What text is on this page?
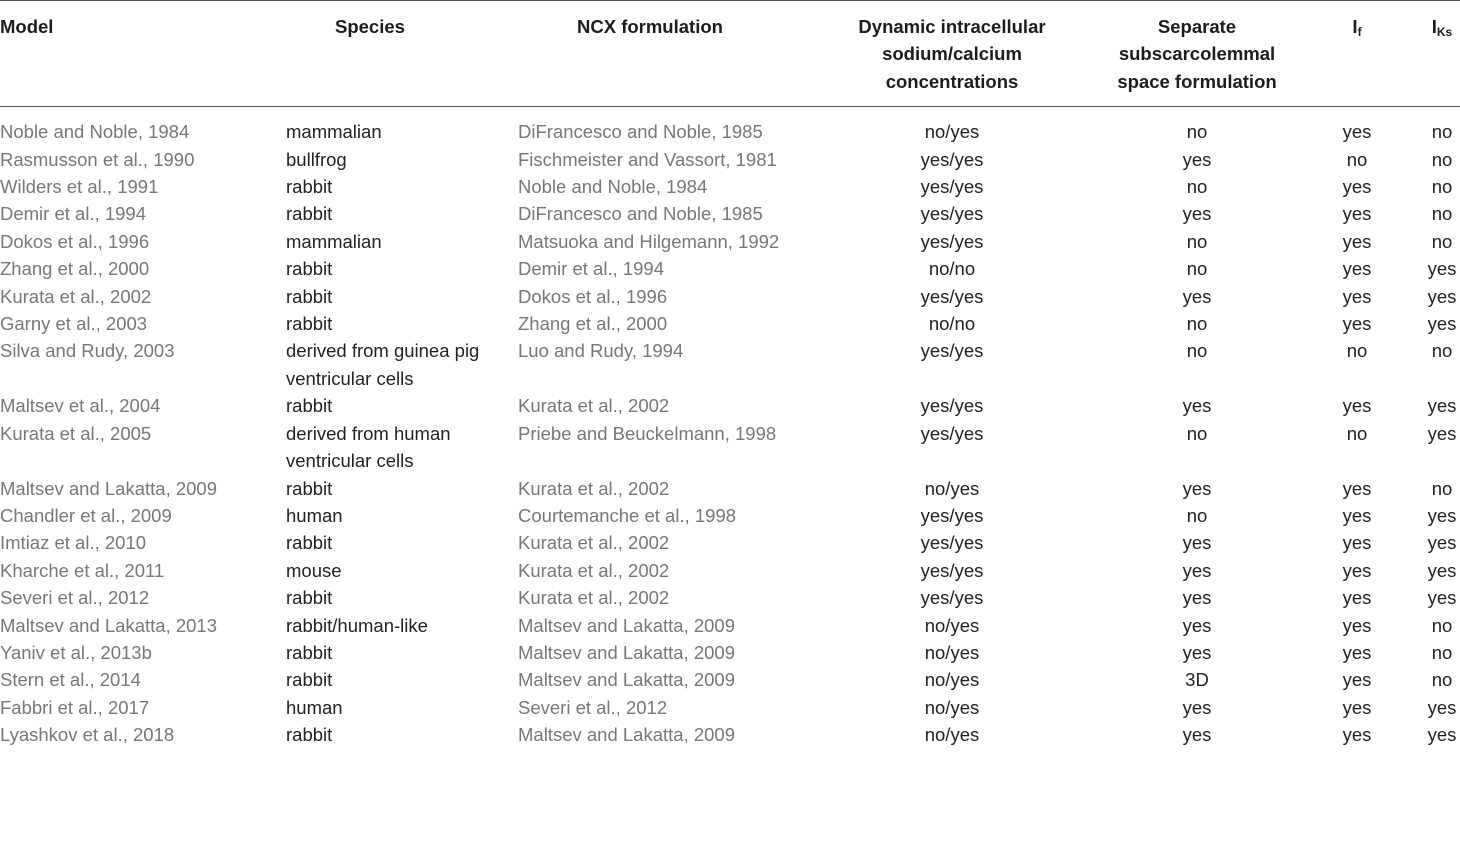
Model	Species	NCX formulation	Dynamic intracellular
sodium/calcium
concentrations	Separate
subscarcolemmal
space formulation	$I_f$	$I_{Ks}$
Noble and Noble, 1984	mammalian	DiFrancesco and Noble, 1985	no/yes	no	yes	no
Rasmusson et al., 1990	bullfrog	Fischmeister and Vassort, 1981	yes/yes	yes	no	no
Wilders et al., 1991	rabbit	Noble and Noble, 1984	yes/yes	no	yes	no
Demir et al., 1994	rabbit	DiFrancesco and Noble, 1985	yes/yes	yes	yes	no
Dokos et al., 1996	mammalian	Matsuoka and Hilgemann, 1992	yes/yes	no	yes	no
Zhang et al., 2000	rabbit	Demir et al., 1994	no/no	no	yes	yes
Kurata et al., 2002	rabbit	Dokos et al., 1996	yes/yes	yes	yes	yes
Garny et al., 2003	rabbit	Zhang et al., 2000	no/no	no	yes	yes
Silva and Rudy, 2003	derived from guinea pig ventricular cells	Luo and Rudy, 1994	yes/yes	no	no	no
Maltsev et al., 2004	rabbit	Kurata et al., 2002	yes/yes	yes	yes	yes
Kurata et al., 2005	derived from human ventricular cells	Priebe and Beuckelmann, 1998	yes/yes	no	no	yes
Maltsev and Lakatta, 2009	rabbit	Kurata et al., 2002	no/yes	yes	yes	no
Chandler et al., 2009	human	Courtemanche et al., 1998	yes/yes	no	yes	yes
Imtiaz et al., 2010	rabbit	Kurata et al., 2002	yes/yes	yes	yes	yes
Kharche et al., 2011	mouse	Kurata et al., 2002	yes/yes	yes	yes	yes
Severi et al., 2012	rabbit	Kurata et al., 2002	yes/yes	yes	yes	yes
Maltsev and Lakatta, 2013	rabbit/human-like	Maltsev and Lakatta, 2009	no/yes	yes	yes	no
Yaniv et al., 2013b	rabbit	Maltsev and Lakatta, 2009	no/yes	yes	yes	no
Stern et al., 2014	rabbit	Maltsev and Lakatta, 2009	no/yes	3D	yes	no
Fabbri et al., 2017	human	Severi et al., 2012	no/yes	yes	yes	yes
Lyashkov et al., 2018	rabbit	Maltsev and Lakatta, 2009	no/yes	yes	yes	yes
